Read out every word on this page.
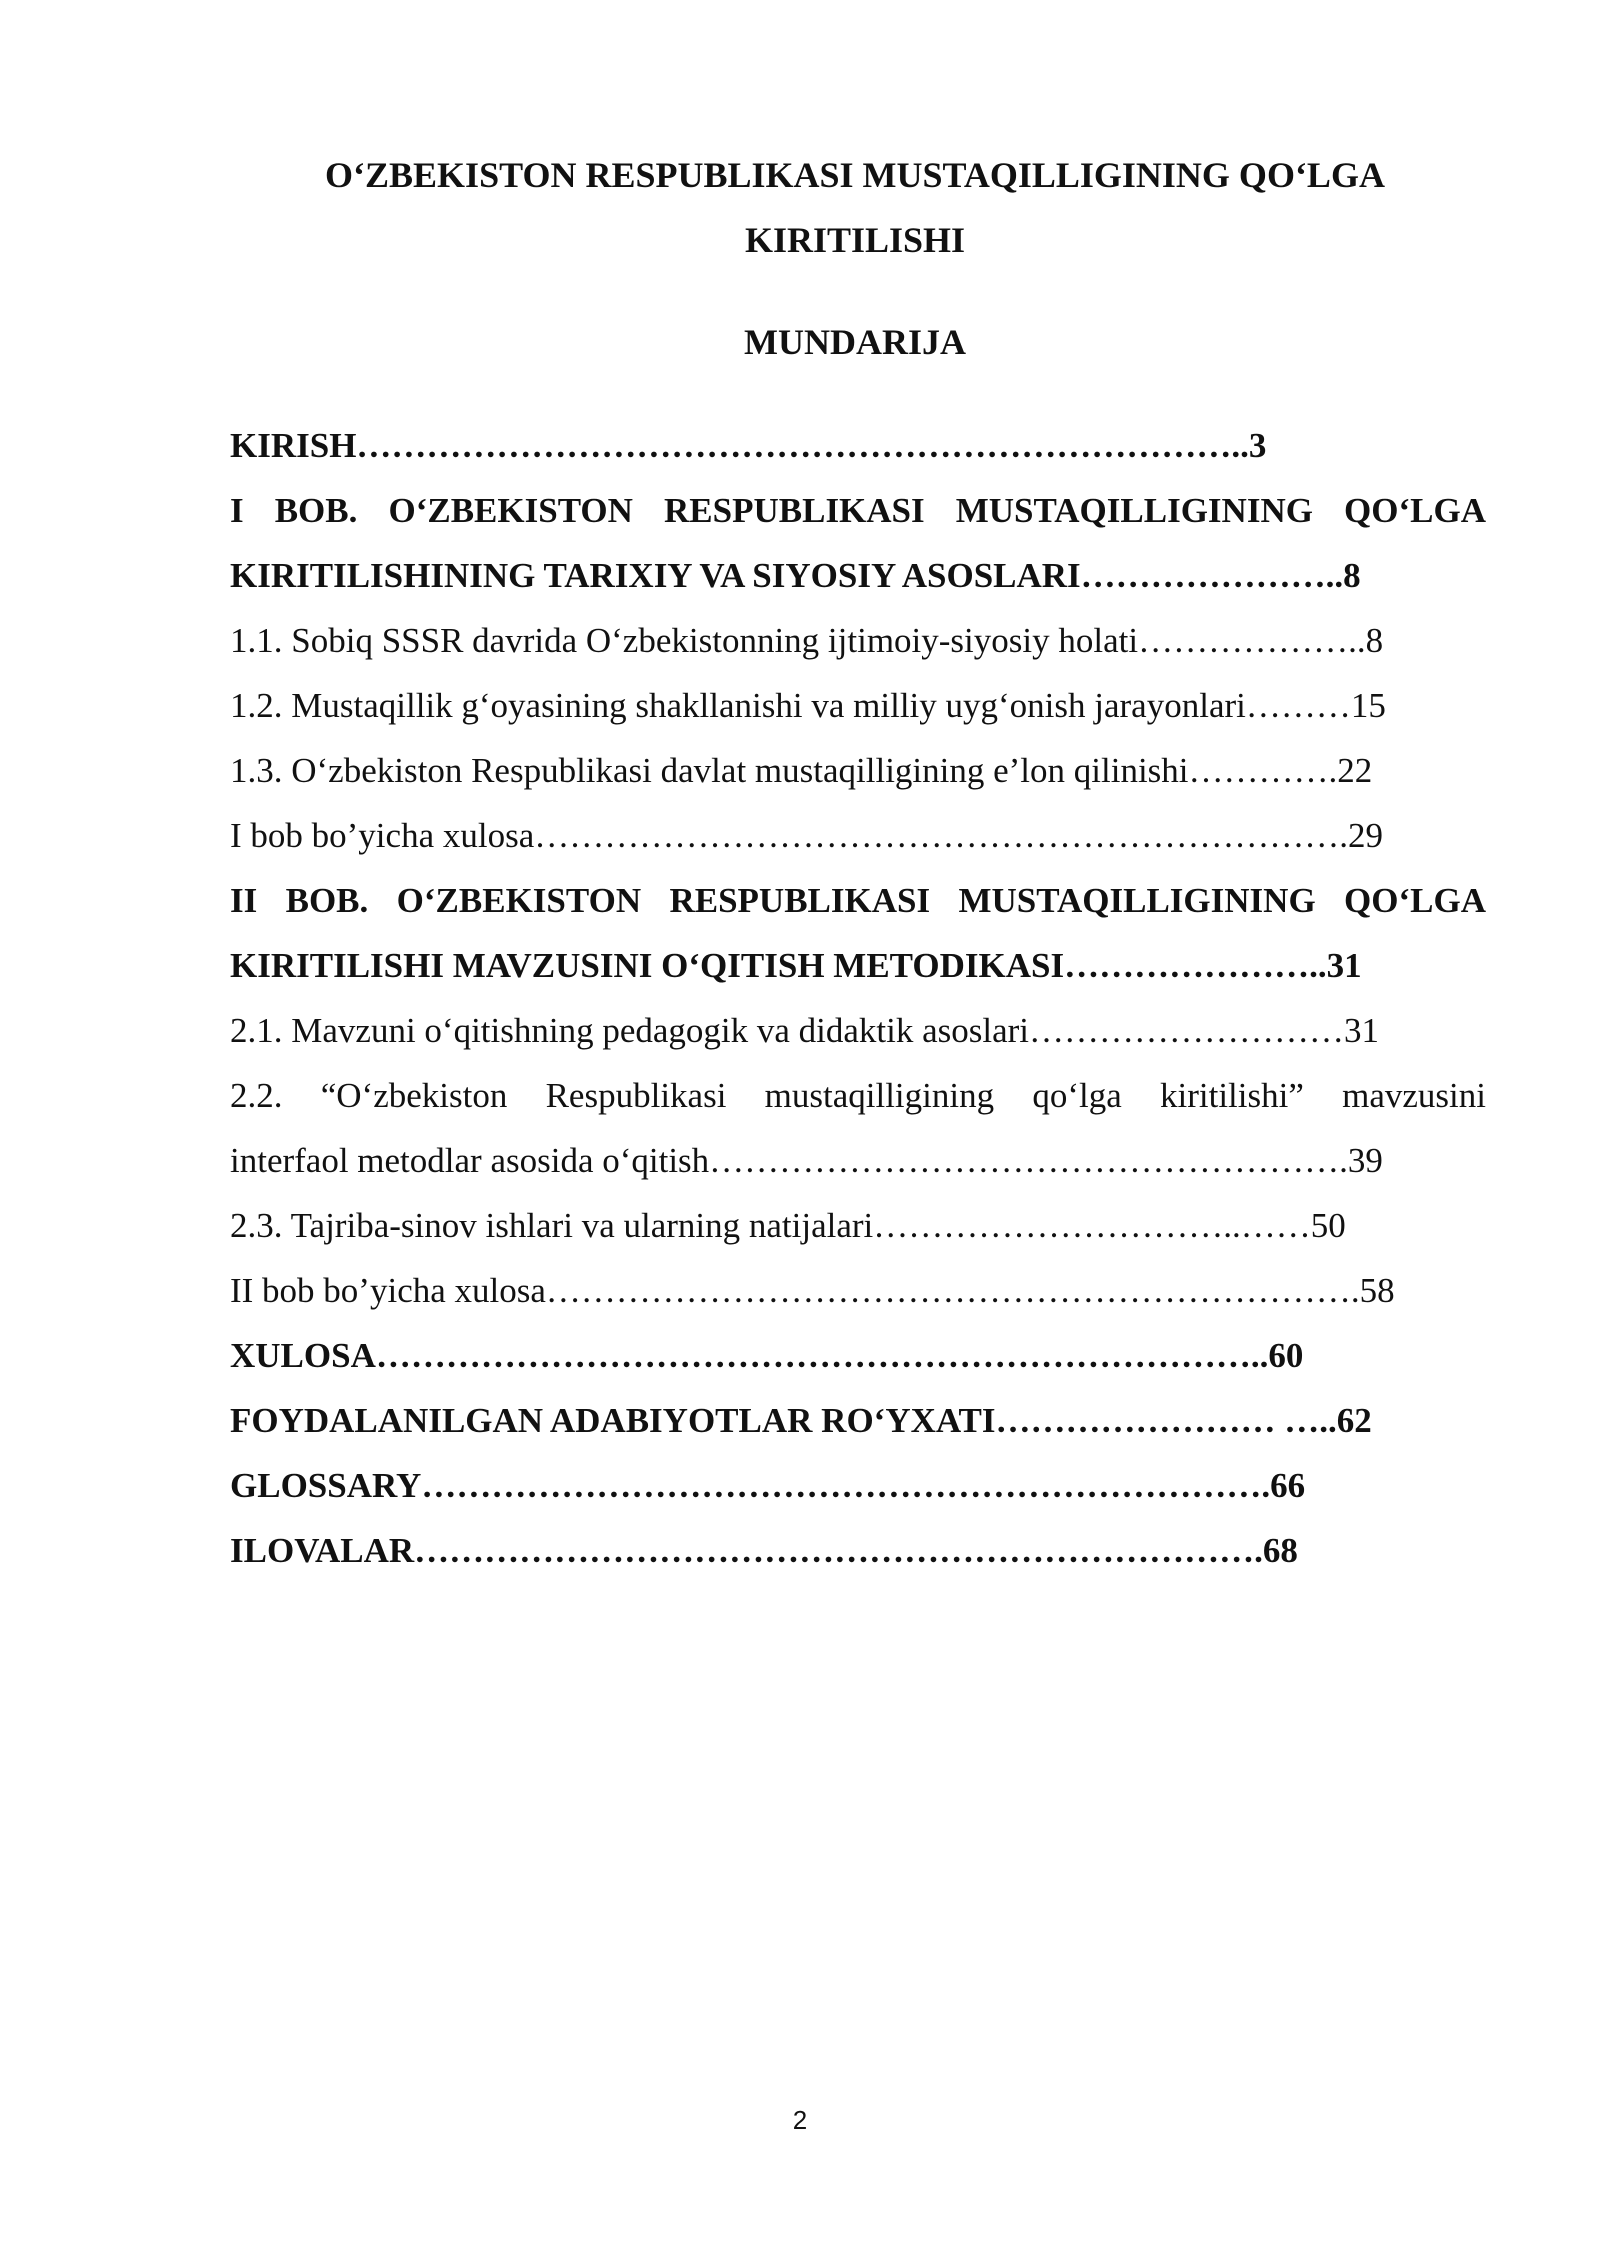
O‘ZBEKISTON RESPUBLIKASI MUSTAQILLIGINING QO‘LGA
KIRITILISHI
MUNDARIJA
KIRISH…………………………………………………………………..3
I BOB. O‘ZBEKISTON RESPUBLIKASI MUSTAQILLIGINING QO‘LGA
KIRITILISHINING TARIXIY VA SIYOSIY ASOSLARI…………………..8
1.1. Sobiq SSSR davrida O‘zbekistonning ijtimoiy-siyosiy holati………………..8
1.2. Mustaqillik g‘oyasining shakllanishi va milliy uyg‘onish jarayonlari………15
1.3. O‘zbekiston Respublikasi davlat mustaqilligining e’lon qilinishi………….22
I bob bo’yicha xulosa…………………………………………………………….29
II BOB. O‘ZBEKISTON RESPUBLIKASI MUSTAQILLIGINING QO‘LGA
KIRITILISHI MAVZUSINI O‘QITISH METODIKASI…………………..31
2.1. Mavzuni o‘qitishning pedagogik va didaktik asoslari………………………31
2.2. “O‘zbekiston Respublikasi mustaqilligining qo‘lga kiritilishi” mavzusini
interfaol metodlar asosida o‘qitish……………………………………………….39
2.3. Tajriba-sinov ishlari va ularning natijalari…………………………..……50
II bob bo’yicha xulosa…………………………………………………………….58
XULOSA…………………………………………………………………..60
FOYDALANILGAN ADABIYOTLAR RO‘YXATI…………………… …..62
GLOSSARY……………………………………………………………….66
ILOVALAR……………………………………………………………….68
2
